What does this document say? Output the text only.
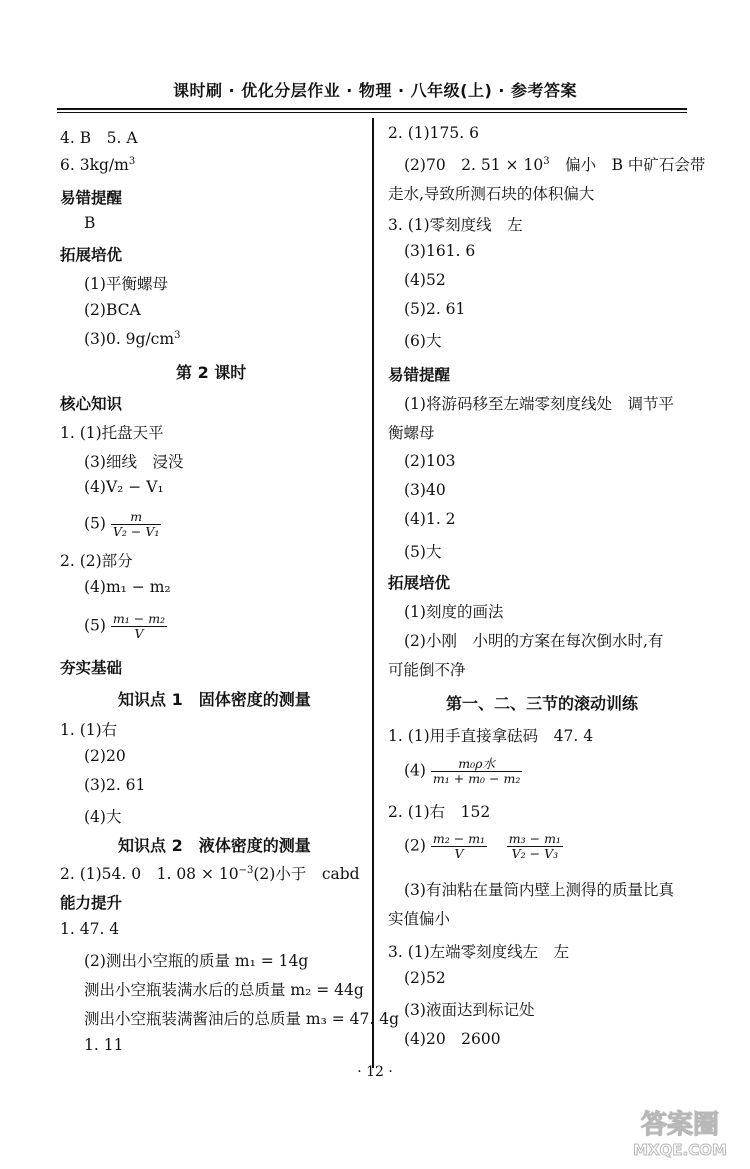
课时刷 · 优化分层作业 · 物理 · 八年级(上) · 参考答案
4. B　5. A
6. $3kg/m^3$
易错提醒
B
拓展培优
(1)平衡螺母
(2)BCA
(3)0. $9g/cm^3$
第 2 课时
核心知识
1. (1)托盘天平
(3)细线　浸没
(4)V₂ − V₁
$(5) \frac{m}{\text{V₂ − V₁}}$
2. (2)部分
(4)m₁ − m₂
$(5) \frac{\text{m₁ − m₂}}{V}$
夯实基础
知识点 1　固体密度的测量
1. (1)右
(2)20
(3)2. 61
(4)大
知识点 2　液体密度的测量
2. (1)54. 0　1. $08 \times 10^{-3}(2)$小于　cabd
能力提升
1. 47. 4
(2)测出小空瓶的质量 m₁ = 14g
测出小空瓶装满水后的总质量 m₂ = 44g
测出小空瓶装满酱油后的总质量 m₃ = 47. 4g
1. 11
2. (1)175. 6
(2)70　2. $51 \times 10^3$　偏小　B 中矿石会带
走水,导致所测石块的体积偏大
3. (1)零刻度线　左
(3)161. 6
(4)52
(5)2. 61
(6)大
易错提醒
(1)将游码移至左端零刻度线处　调节平
衡螺母
(2)103
(3)40
(4)1. 2
(5)大
拓展培优
(1)刻度的画法
(2)小刚　小明的方案在每次倒水时,有
可能倒不净
第一、二、三节的滚动训练
1. (1)用手直接拿砝码　47. 4
$(4) \frac{\text{m₀ρ水}}{\text{m₁ + m₀ − m₂}}$
2. (1)右　152
$(2) \frac{\text{m₂ − m₁}}{V}$
$\frac{\text{m₃ − m₁}}{\text{V₂ − V₃}}$
(3)有油粘在量筒内壁上测得的质量比真
实值偏小
3. (1)左端零刻度线左　左
(2)52
(3)液面达到标记处
(4)20　2600
· 12 ·
答案圈
MXQE.COM
